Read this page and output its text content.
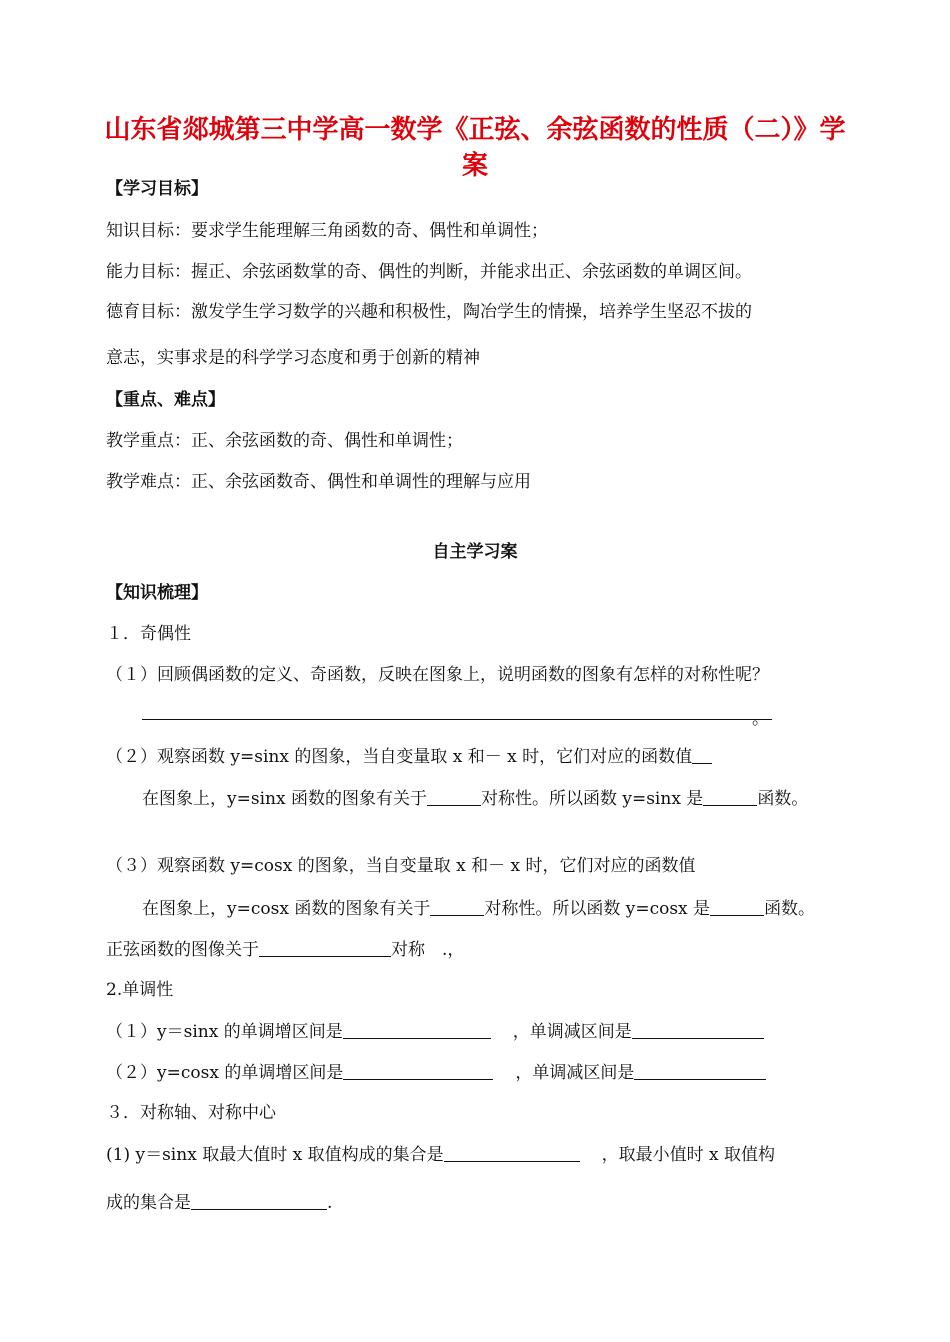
山东省郯城第三中学高一数学《正弦、余弦函数的性质（二）》学
案
【学习目标】
知识目标：要求学生能理解三角函数的奇、偶性和单调性；
能力目标：握正、余弦函数掌的奇、偶性的判断，并能求出正、余弦函数的单调区间。
德育目标：激发学生学习数学的兴趣和积极性，陶冶学生的情操，培养学生坚忍不拔的
意志，实事求是的科学学习态度和勇于创新的精神
【重点、难点】
教学重点：正、余弦函数的奇、偶性和单调性；
教学难点：正、余弦函数奇、偶性和单调性的理解与应用
自主学习案
【知识梳理】
１．奇偶性
（１）回顾偶函数的定义、奇函数，反映在图象上，说明函数的图象有怎样的对称性呢？
。
（２）观察函数 y=sinx 的图象，当自变量取 x 和－ x 时，它们对应的函数值
在图象上，y=sinx 函数的图象有关于	对称性。所以函数 y=sinx 是	函数。
（３）观察函数 y=cosx 的图象，当自变量取 x 和－ x 时，它们对应的函数值
在图象上，y=cosx 函数的图象有关于	对称性。所以函数 y=cosx 是	函数。
正弦函数的图像关于	对称　.，
2.单调性
（１）y＝sinx 的单调增区间是	，单调减区间是
（２）y=cosx 的单调增区间是	，单调减区间是
３．对称轴、对称中心
(1) y＝sinx 取最大值时 x 取值构成的集合是	，取最小值时 x 取值构
成的集合是	.
